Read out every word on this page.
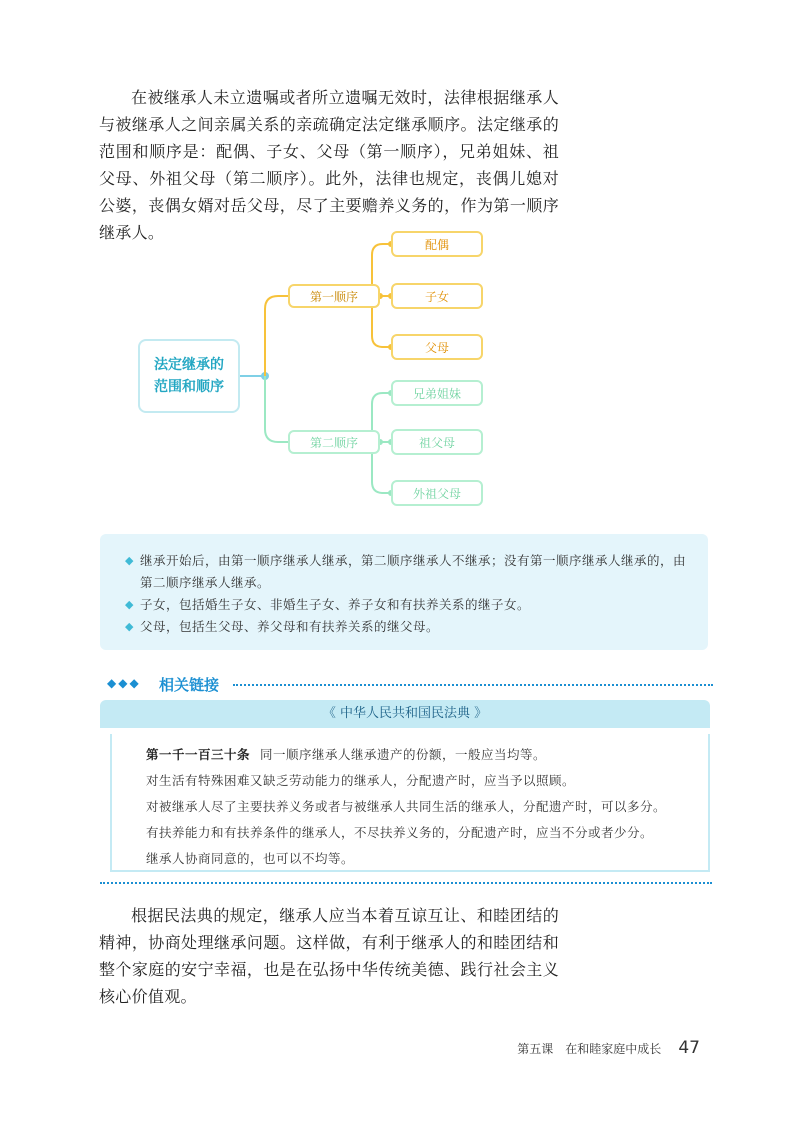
在被继承人未立遗嘱或者所立遗嘱无效时，法律根据继承人与被继承人之间亲属关系的亲疏确定法定继承顺序。法定继承的范围和顺序是：配偶、子女、父母（第一顺序），兄弟姐妹、祖父母、外祖父母（第二顺序）。此外，法律也规定，丧偶儿媳对公婆，丧偶女婿对岳父母，尽了主要赡养义务的，作为第一顺序继承人。

法定继承的
范围和顺序
第一顺序
配偶
子女
父母
第二顺序
兄弟姐妹
祖父母
外祖父母

◆ 继承开始后，由第一顺序继承人继承，第二顺序继承人不继承；没有第一顺序继承人继承的，由第二顺序继承人继承。

◆ 子女，包括婚生子女、非婚生子女、养子女和有扶养关系的继子女。

◆ 父母，包括生父母、养父母和有扶养关系的继父母。

◆◆◆ 相关链接
《 中华人民共和国民法典 》

第一千一百三十条 同一顺序继承人继承遗产的份额，一般应当均等。

对生活有特殊困难又缺乏劳动能力的继承人，分配遗产时，应当予以照顾。

对被继承人尽了主要扶养义务或者与被继承人共同生活的继承人，分配遗产时，可以多分。

有扶养能力和有扶养条件的继承人，不尽扶养义务的，分配遗产时，应当不分或者少分。

继承人协商同意的，也可以不均等。

根据民法典的规定，继承人应当本着互谅互让、和睦团结的精神，协商处理继承问题。这样做，有利于继承人的和睦团结和整个家庭的安宁幸福，也是在弘扬中华传统美德、践行社会主义核心价值观。

第五课　在和睦家庭中成长 47
